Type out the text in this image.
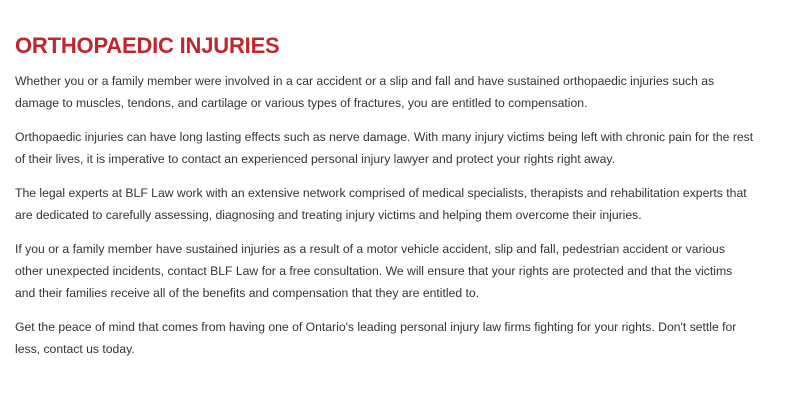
ORTHOPAEDIC INJURIES

Whether you or a family member were involved in a car accident or a slip and fall and have sustained orthopaedic injuries such as damage to muscles, tendons, and cartilage or various types of fractures, you are entitled to compensation.

Orthopaedic injuries can have long lasting effects such as nerve damage. With many injury victims being left with chronic pain for the rest of their lives, it is imperative to contact an experienced personal injury lawyer and protect your rights right away.

The legal experts at BLF Law work with an extensive network comprised of medical specialists, therapists and rehabilitation experts that are dedicated to carefully assessing, diagnosing and treating injury victims and helping them overcome their injuries.

If you or a family member have sustained injuries as a result of a motor vehicle accident, slip and fall, pedestrian accident or various other unexpected incidents, contact BLF Law for a free consultation. We will ensure that your rights are protected and that the victims and their families receive all of the benefits and compensation that they are entitled to.

Get the peace of mind that comes from having one of Ontario's leading personal injury law firms fighting for your rights. Don't settle for less, contact us today.
